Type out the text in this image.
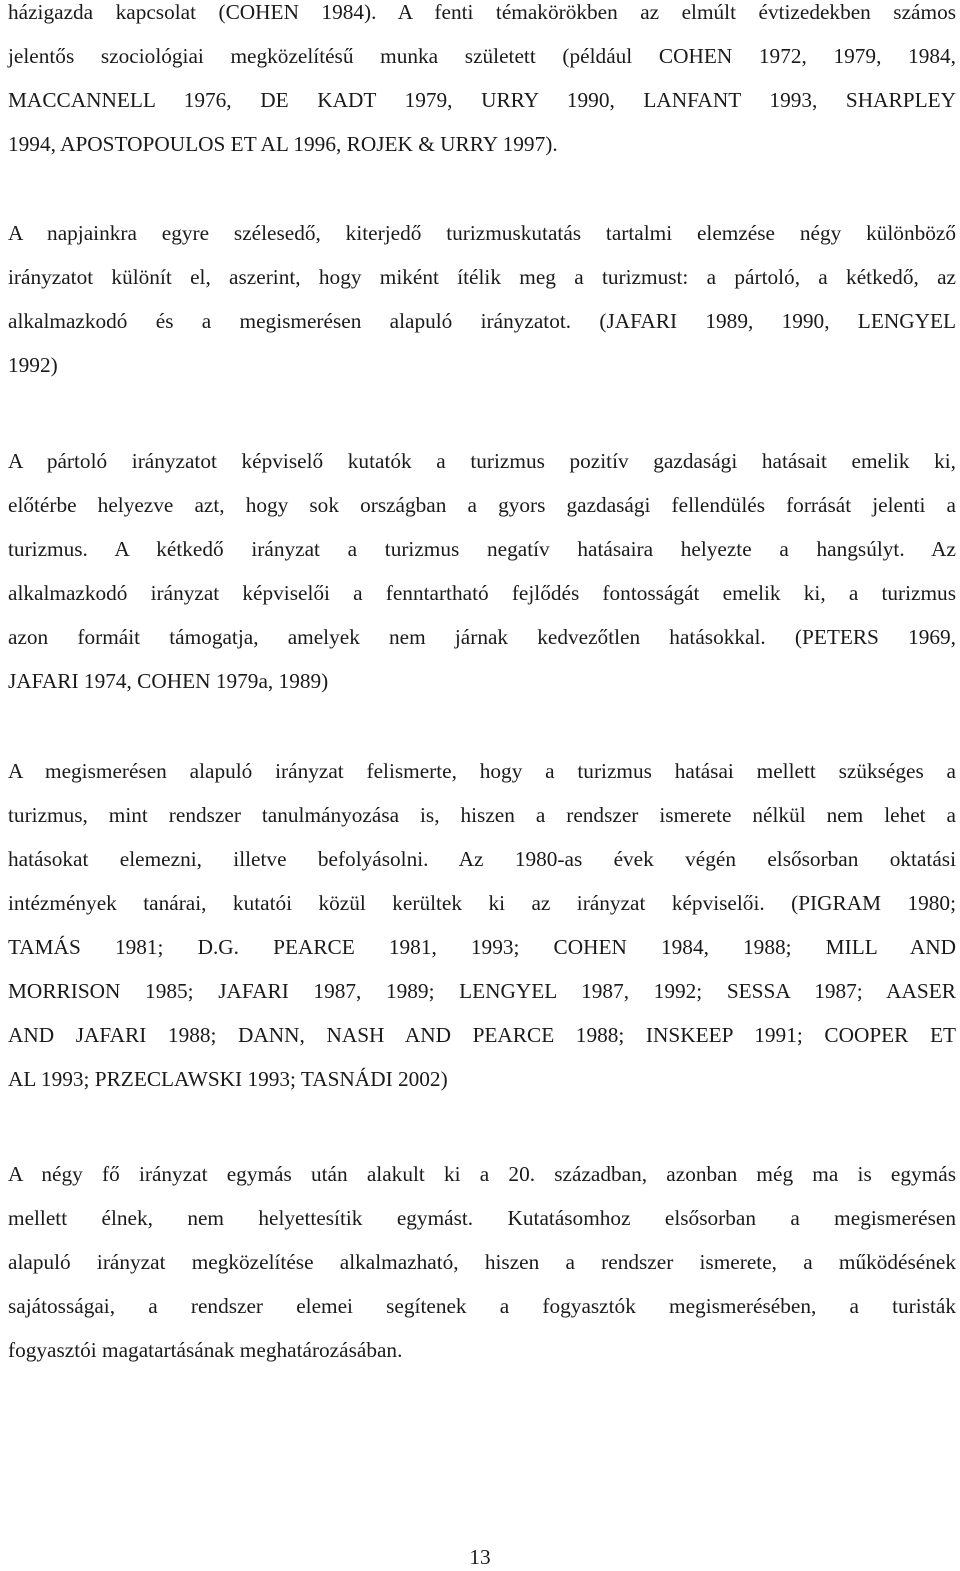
házigazda kapcsolat (COHEN 1984). A fenti témakörökben az elmúlt évtizedekben számos
jelentős szociológiai megközelítésű munka született (például COHEN 1972, 1979, 1984,
MACCANNELL 1976, DE KADT 1979, URRY 1990, LANFANT 1993, SHARPLEY
1994, APOSTOPOULOS ET AL 1996, ROJEK & URRY 1997).
A napjainkra egyre szélesedő, kiterjedő turizmuskutatás tartalmi elemzése négy különböző
irányzatot különít el, aszerint, hogy miként ítélik meg a turizmust: a pártoló, a kétkedő, az
alkalmazkodó és a megismerésen alapuló irányzatot. (JAFARI 1989, 1990, LENGYEL
1992)
A pártoló irányzatot képviselő kutatók a turizmus pozitív gazdasági hatásait emelik ki,
előtérbe helyezve azt, hogy sok országban a gyors gazdasági fellendülés forrását jelenti a
turizmus. A kétkedő irányzat a turizmus negatív hatásaira helyezte a hangsúlyt. Az
alkalmazkodó irányzat képviselői a fenntartható fejlődés fontosságát emelik ki, a turizmus
azon formáit támogatja, amelyek nem járnak kedvezőtlen hatásokkal. (PETERS 1969,
JAFARI 1974, COHEN 1979a, 1989)
A megismerésen alapuló irányzat felismerte, hogy a turizmus hatásai mellett szükséges a
turizmus, mint rendszer tanulmányozása is, hiszen a rendszer ismerete nélkül nem lehet a
hatásokat elemezni, illetve befolyásolni. Az 1980-as évek végén elsősorban oktatási
intézmények tanárai, kutatói közül kerültek ki az irányzat képviselői. (PIGRAM 1980;
TAMÁS 1981; D.G. PEARCE 1981, 1993; COHEN 1984, 1988; MILL AND
MORRISON 1985; JAFARI 1987, 1989; LENGYEL 1987, 1992; SESSA 1987; AASER
AND JAFARI 1988; DANN, NASH AND PEARCE 1988; INSKEEP 1991; COOPER ET
AL 1993; PRZECLAWSKI 1993; TASNÁDI 2002)
A négy fő irányzat egymás után alakult ki a 20. században, azonban még ma is egymás
mellett élnek, nem helyettesítik egymást. Kutatásomhoz elsősorban a megismerésen
alapuló irányzat megközelítése alkalmazható, hiszen a rendszer ismerete, a működésének
sajátosságai, a rendszer elemei segítenek a fogyasztók megismerésében, a turisták
fogyasztói magatartásának meghatározásában.
13
